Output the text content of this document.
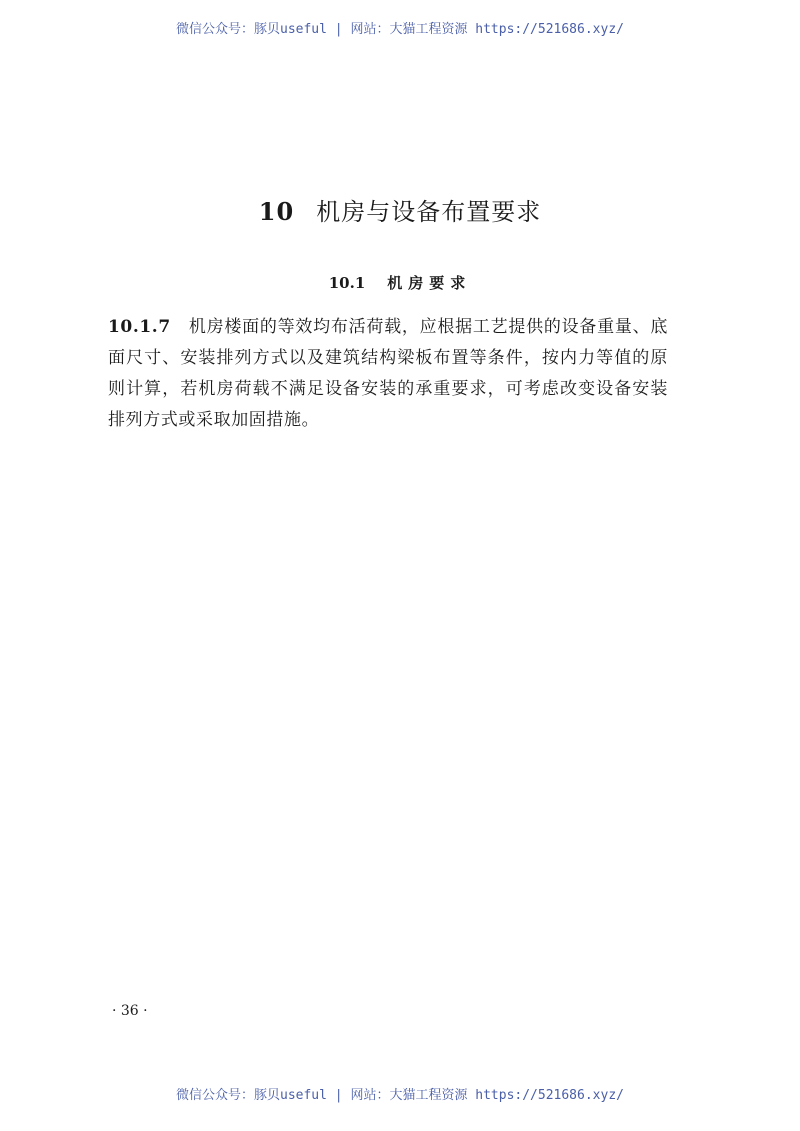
微信公众号：豚贝useful | 网站：大猫工程资源 https://521686.xyz/
10 机房与设备布置要求
10.1 机房要求
10.1.7 机房楼面的等效均布活荷载，应根据工艺提供的设备重量、底面尺寸、安装排列方式以及建筑结构梁板布置等条件，按内力等值的原则计算，若机房荷载不满足设备安装的承重要求，可考虑改变设备安装排列方式或采取加固措施。
· 36 ·
微信公众号：豚贝useful | 网站：大猫工程资源 https://521686.xyz/
